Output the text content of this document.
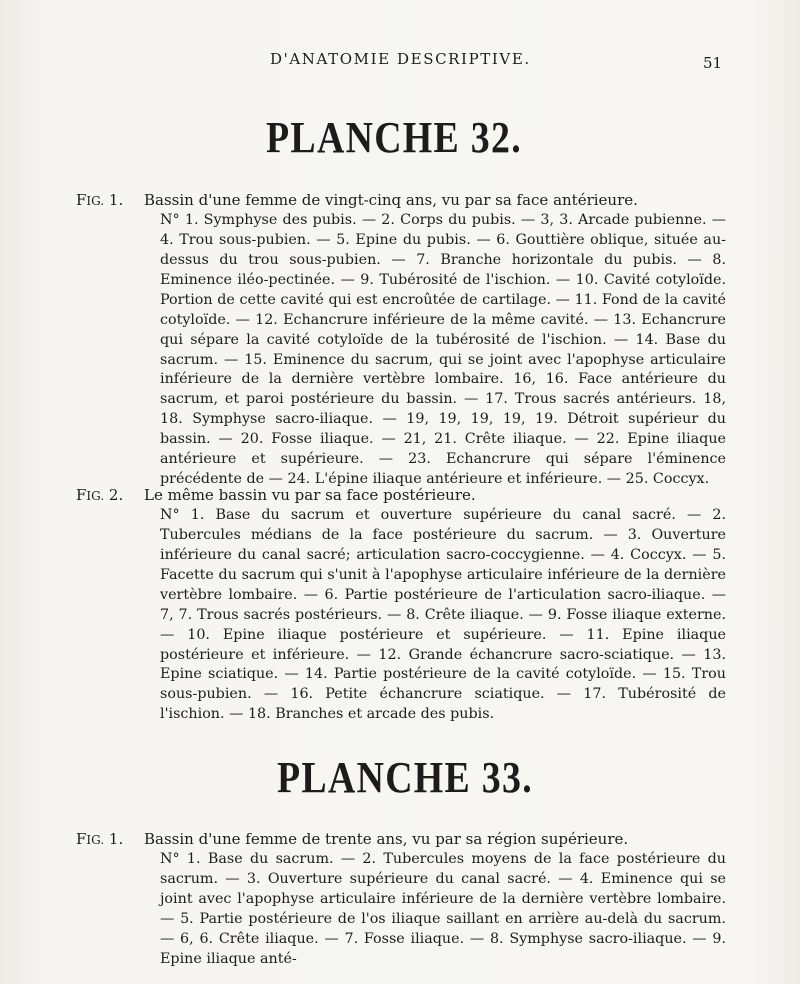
D'ANATOMIE DESCRIPTIVE.	51
PLANCHE 32.
FIG. 1.	Bassin d'une femme de vingt-cinq ans, vu par sa face antérieure.
N° 1. Symphyse des pubis. — 2. Corps du pubis. — 3, 3. Arcade pubienne. — 4. Trou sous-pubien. — 5. Epine du pubis. — 6. Gouttière oblique, située au-dessus du trou sous-pubien. — 7. Branche horizontale du pubis. — 8. Eminence iléo-pectinée. — 9. Tubérosité de l'ischion. — 10. Cavité cotyloïde. Portion de cette cavité qui est encroûtée de cartilage. — 11. Fond de la cavité cotyloïde. — 12. Echancrure inférieure de la même cavité. — 13. Echancrure qui sépare la cavité cotyloïde de la tubérosité de l'ischion. — 14. Base du sacrum. — 15. Eminence du sacrum, qui se joint avec l'apophyse articulaire inférieure de la dernière vertèbre lombaire. 16, 16. Face antérieure du sacrum, et paroi postérieure du bassin. — 17. Trous sacrés antérieurs. 18, 18. Symphyse sacro-iliaque. — 19, 19, 19, 19, 19. Détroit supérieur du bassin. — 20. Fosse iliaque. — 21, 21. Crête iliaque. — 22. Epine iliaque antérieure et supérieure. — 23. Echancrure qui sépare l'éminence précédente de — 24. L'épine iliaque antérieure et inférieure. — 25. Coccyx.
FIG. 2.	Le même bassin vu par sa face postérieure.
N° 1. Base du sacrum et ouverture supérieure du canal sacré. — 2. Tubercules médians de la face postérieure du sacrum. — 3. Ouverture inférieure du canal sacré; articulation sacro-coccygienne. — 4. Coccyx. — 5. Facette du sacrum qui s'unit à l'apophyse articulaire inférieure de la dernière vertèbre lombaire. — 6. Partie postérieure de l'articulation sacro-iliaque. — 7, 7. Trous sacrés postérieurs. — 8. Crête iliaque. — 9. Fosse iliaque externe. — 10. Epine iliaque postérieure et supérieure. — 11. Epine iliaque postérieure et inférieure. — 12. Grande échancrure sacro-sciatique. — 13. Epine sciatique. — 14. Partie postérieure de la cavité cotyloïde. — 15. Trou sous-pubien. — 16. Petite échancrure sciatique. — 17. Tubérosité de l'ischion. — 18. Branches et arcade des pubis.
PLANCHE 33.
FIG. 1.	Bassin d'une femme de trente ans, vu par sa région supérieure.
N° 1. Base du sacrum. — 2. Tubercules moyens de la face postérieure du sacrum. — 3. Ouverture supérieure du canal sacré. — 4. Eminence qui se joint avec l'apophyse articulaire inférieure de la dernière vertèbre lombaire. — 5. Partie postérieure de l'os iliaque saillant en arrière au-delà du sacrum. — 6, 6. Crête iliaque. — 7. Fosse iliaque. — 8. Symphyse sacro-iliaque. — 9. Epine iliaque anté-
